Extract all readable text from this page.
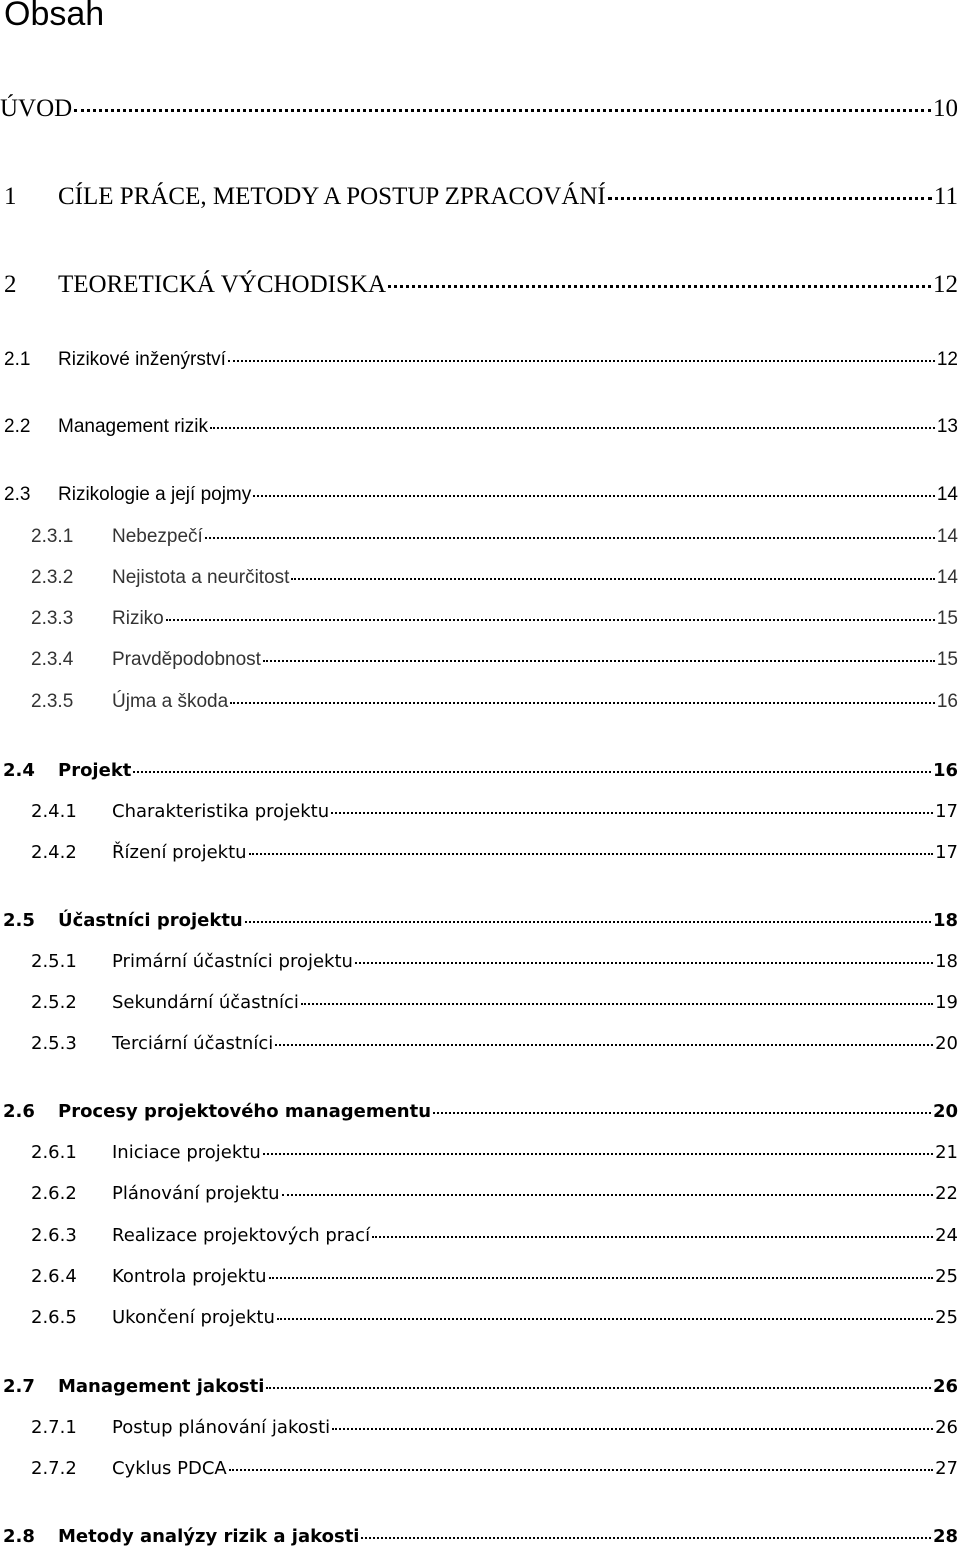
Obsah
ÚVOD	10
1	CÍLE PRÁCE, METODY A POSTUP ZPRACOVÁNÍ	11
2	TEORETICKÁ VÝCHODISKA	12
2.1	Rizikové inženýrství	12
2.2	Management rizik	13
2.3	Rizikologie a její pojmy	14
2.3.1	Nebezpečí	14
2.3.2	Nejistota a neurčitost	14
2.3.3	Riziko	15
2.3.4	Pravděpodobnost	15
2.3.5	Újma a škoda	16
2.4	Projekt	16
2.4.1	Charakteristika projektu	17
2.4.2	Řízení projektu	17
2.5	Účastníci projektu	18
2.5.1	Primární účastníci projektu	18
2.5.2	Sekundární účastníci	19
2.5.3	Terciární účastníci	20
2.6	Procesy projektového managementu	20
2.6.1	Iniciace projektu	21
2.6.2	Plánování projektu	22
2.6.3	Realizace projektových prací	24
2.6.4	Kontrola projektu	25
2.6.5	Ukončení projektu	25
2.7	Management jakosti	26
2.7.1	Postup plánování jakosti	26
2.7.2	Cyklus PDCA	27
2.8	Metody analýzy rizik a jakosti	28
